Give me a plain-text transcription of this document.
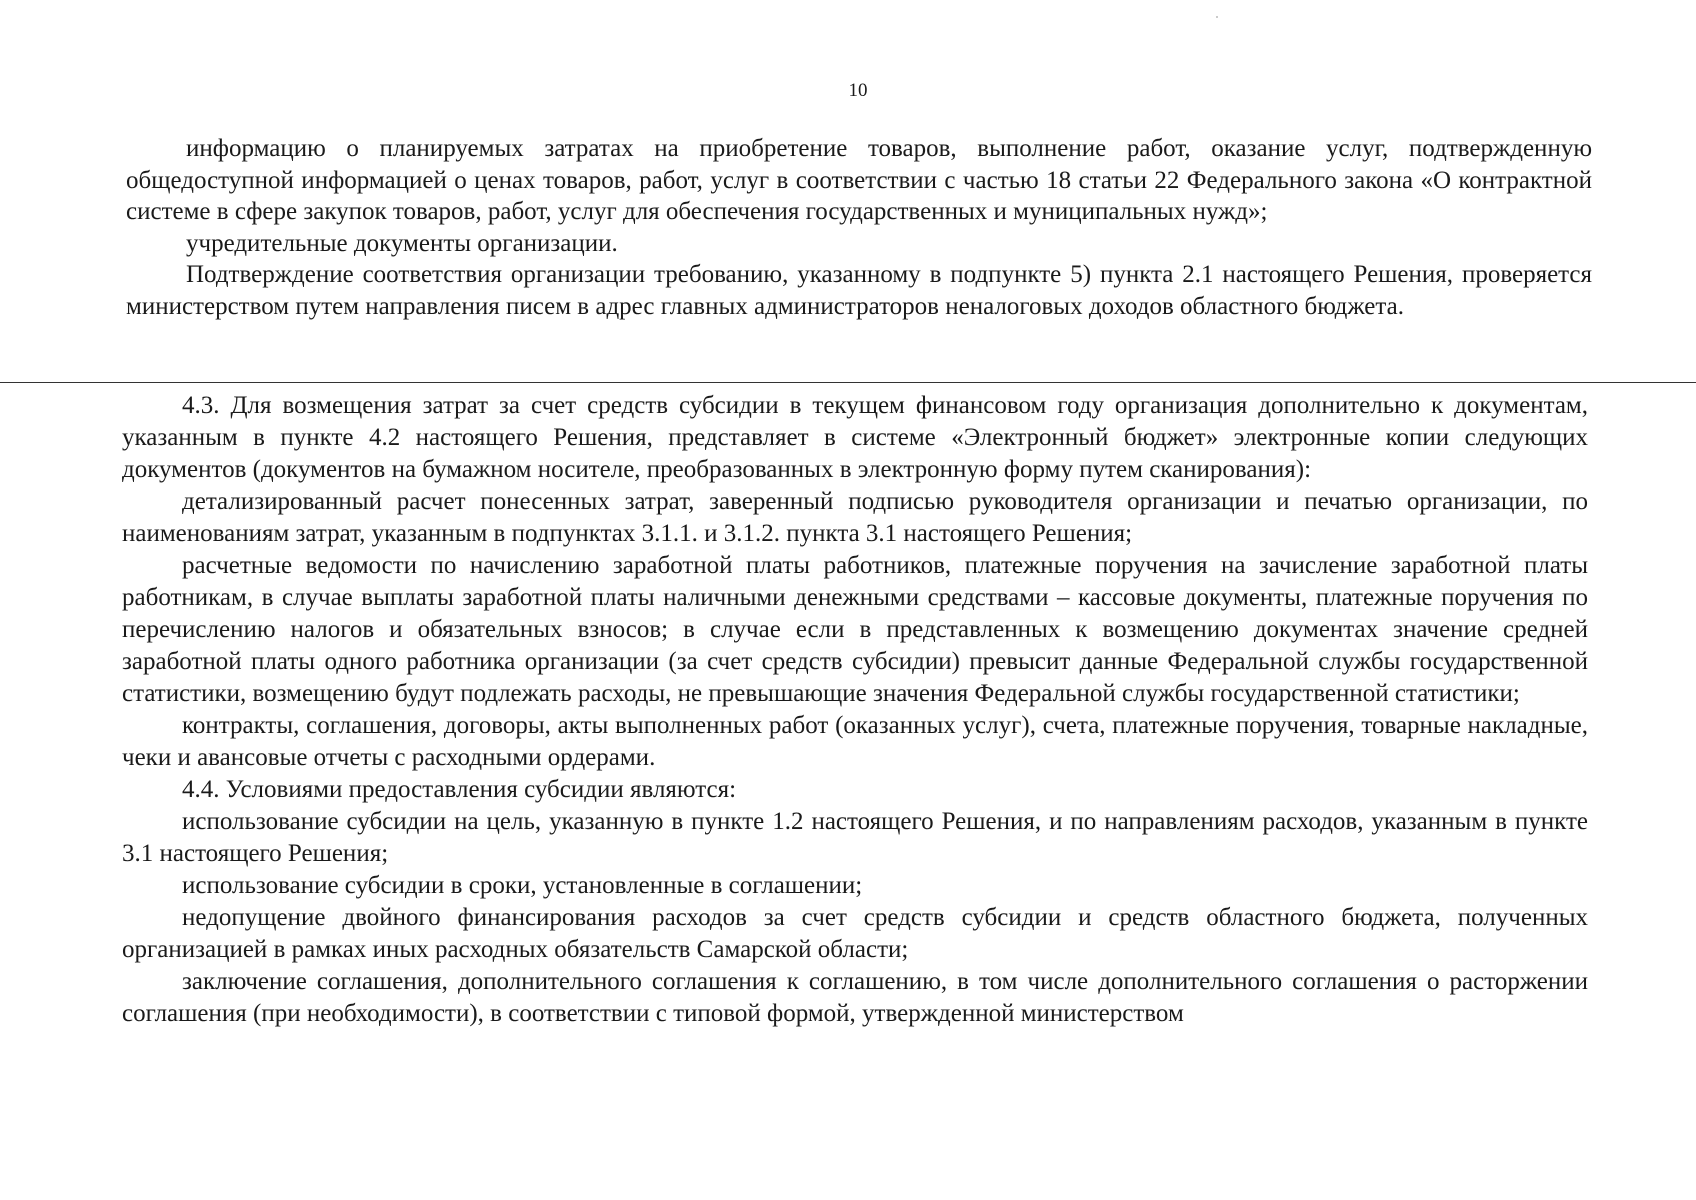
10

информацию о планируемых затратах на приобретение товаров, выполнение работ, оказание услуг, подтвержденную общедоступной информацией о ценах товаров, работ, услуг в соответствии с частью 18 статьи 22 Федерального закона «О контрактной системе в сфере закупок товаров, работ, услуг для обеспечения государственных и муниципальных нужд»;

учредительные документы организации.

Подтверждение соответствия организации требованию, указанному в подпункте 5) пункта 2.1 настоящего Решения, проверяется министерством путем направления писем в адрес главных администраторов неналоговых доходов областного бюджета.

4.3. Для возмещения затрат за счет средств субсидии в текущем финансовом году организация дополнительно к документам, указанным в пункте 4.2 настоящего Решения, представляет в системе «Электронный бюджет» электронные копии следующих документов (документов на бумажном носителе, преобразованных в электронную форму путем сканирования):

детализированный расчет понесенных затрат, заверенный подписью руководителя организации и печатью организации, по наименованиям затрат, указанным в подпунктах 3.1.1. и 3.1.2. пункта 3.1 настоящего Решения;

расчетные ведомости по начислению заработной платы работников, платежные поручения на зачисление заработной платы работникам, в случае выплаты заработной платы наличными денежными средствами – кассовые документы, платежные поручения по перечислению налогов и обязательных взносов; в случае если в представленных к возмещению документах значение средней заработной платы одного работника организации (за счет средств субсидии) превысит данные Федеральной службы государственной статистики, возмещению будут подлежать расходы, не превышающие значения Федеральной службы государственной статистики;

контракты, соглашения, договоры, акты выполненных работ (оказанных услуг), счета, платежные поручения, товарные накладные, чеки и авансовые отчеты с расходными ордерами.

4.4. Условиями предоставления субсидии являются:

использование субсидии на цель, указанную в пункте 1.2 настоящего Решения, и по направлениям расходов, указанным в пункте 3.1 настоящего Решения;

использование субсидии в сроки, установленные в соглашении;

недопущение двойного финансирования расходов за счет средств субсидии и средств областного бюджета, полученных организацией в рамках иных расходных обязательств Самарской области;

заключение соглашения, дополнительного соглашения к соглашению, в том числе дополнительного соглашения о расторжении соглашения (при необходимости), в соответствии с типовой формой, утвержденной министерством
